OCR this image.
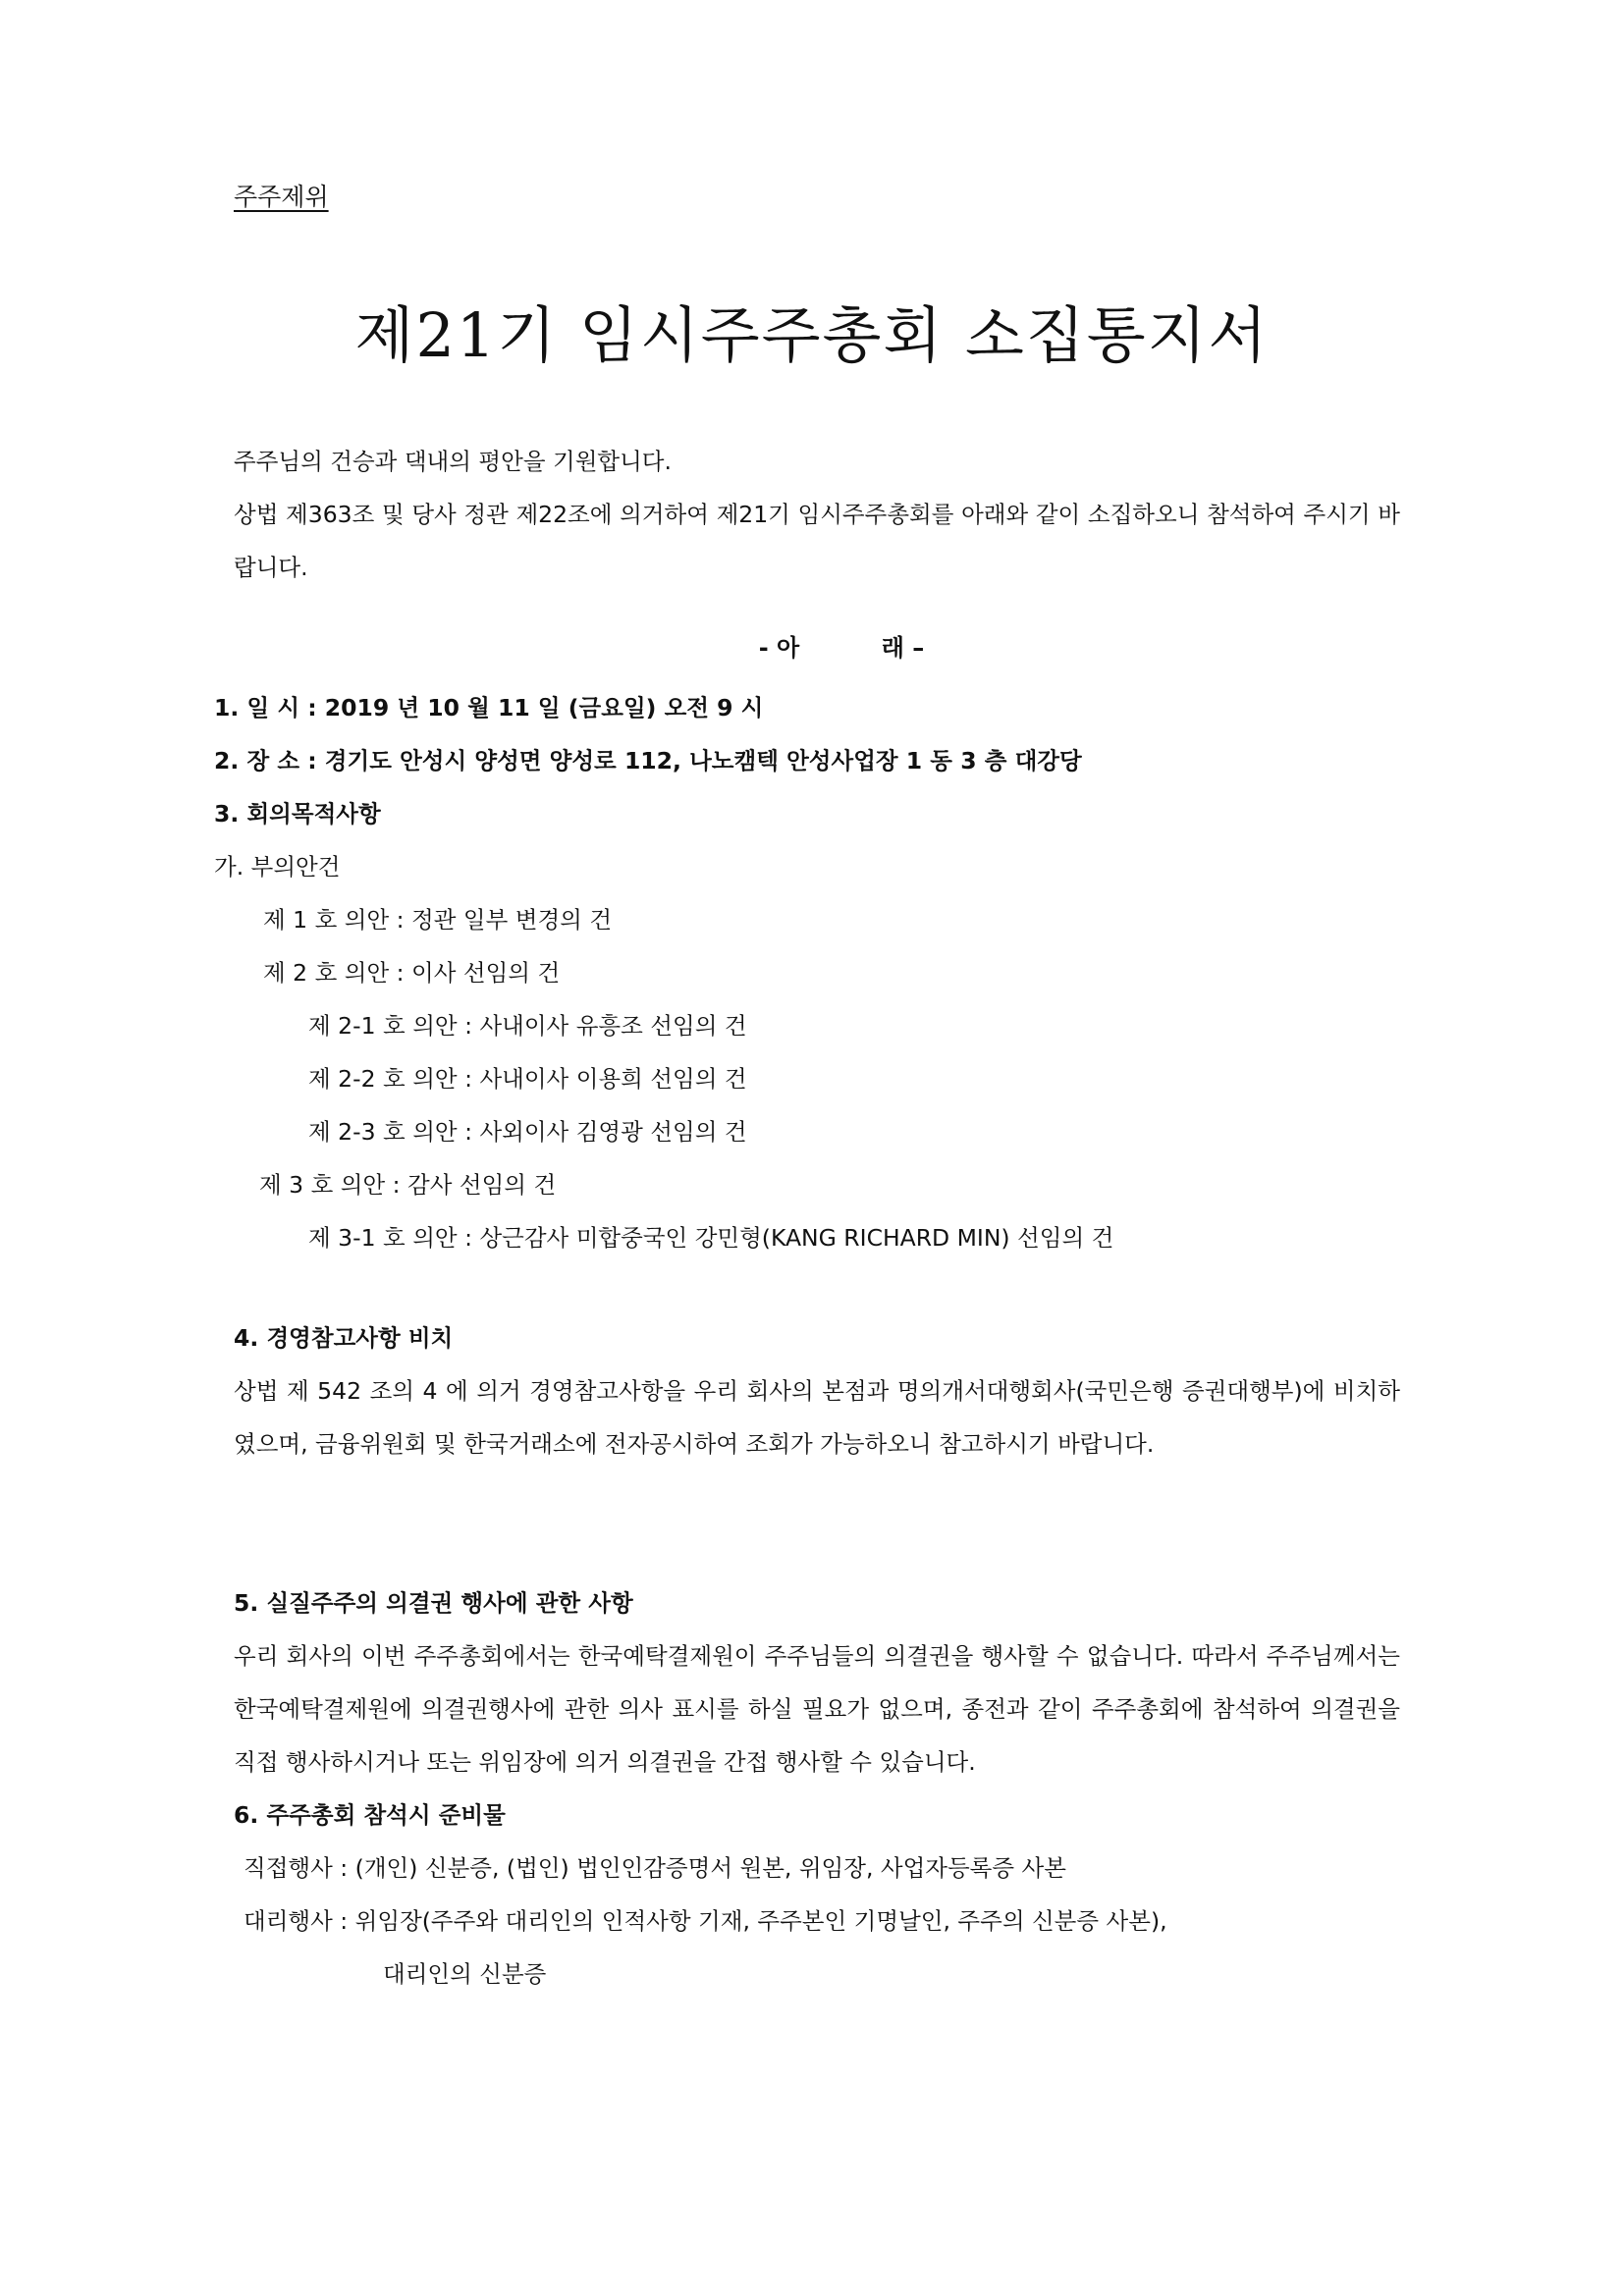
주주제위
제21기 임시주주총회 소집통지서

주주님의 건승과 댁내의 평안을 기원합니다.

상법 제363조 및 당사 정관 제22조에 의거하여 제21기 임시주주총회를 아래와 같이 소집하오니 참석하여 주시기 바랍니다.

- 아          래 –
1. 일 시 : 2019 년 10 월 11 일 (금요일) 오전 9 시
2. 장 소 : 경기도 안성시 양성면 양성로 112, 나노캠텍 안성사업장 1 동 3 층 대강당
3. 회의목적사항
가. 부의안건
제 1 호 의안 : 정관 일부 변경의 건
제 2 호 의안 : 이사 선임의 건
제 2-1 호 의안 : 사내이사 유흥조 선임의 건
제 2-2 호 의안 : 사내이사 이용희 선임의 건
제 2-3 호 의안 : 사외이사 김영광 선임의 건
제 3 호 의안 : 감사 선임의 건
제 3-1 호 의안 : 상근감사 미합중국인 강민형(KANG RICHARD MIN) 선임의 건
4. 경영참고사항 비치
5. 실질주주의 의결권 행사에 관한 사항
6. 주주총회 참석시 준비물
직접행사 : (개인) 신분증, (법인) 법인인감증명서 원본, 위임장, 사업자등록증 사본
대리행사 : 위임장(주주와 대리인의 인적사항 기재, 주주본인 기명날인, 주주의 신분증 사본),
대리인의 신분증
상법 제 542 조의 4 에 의거 경영참고사항을 우리 회사의 본점과 명의개서대행회사(국민은행 증권대행부)에 비치하였으며, 금융위원회 및 한국거래소에 전자공시하여 조회가 가능하오니 참고하시기 바랍니다.
우리 회사의 이번 주주총회에서는 한국예탁결제원이 주주님들의 의결권을 행사할 수 없습니다. 따라서 주주님께서는 한국예탁결제원에 의결권행사에 관한 의사 표시를 하실 필요가 없으며, 종전과 같이 주주총회에 참석하여 의결권을 직접 행사하시거나 또는 위임장에 의거 의결권을 간접 행사할 수 있습니다.
